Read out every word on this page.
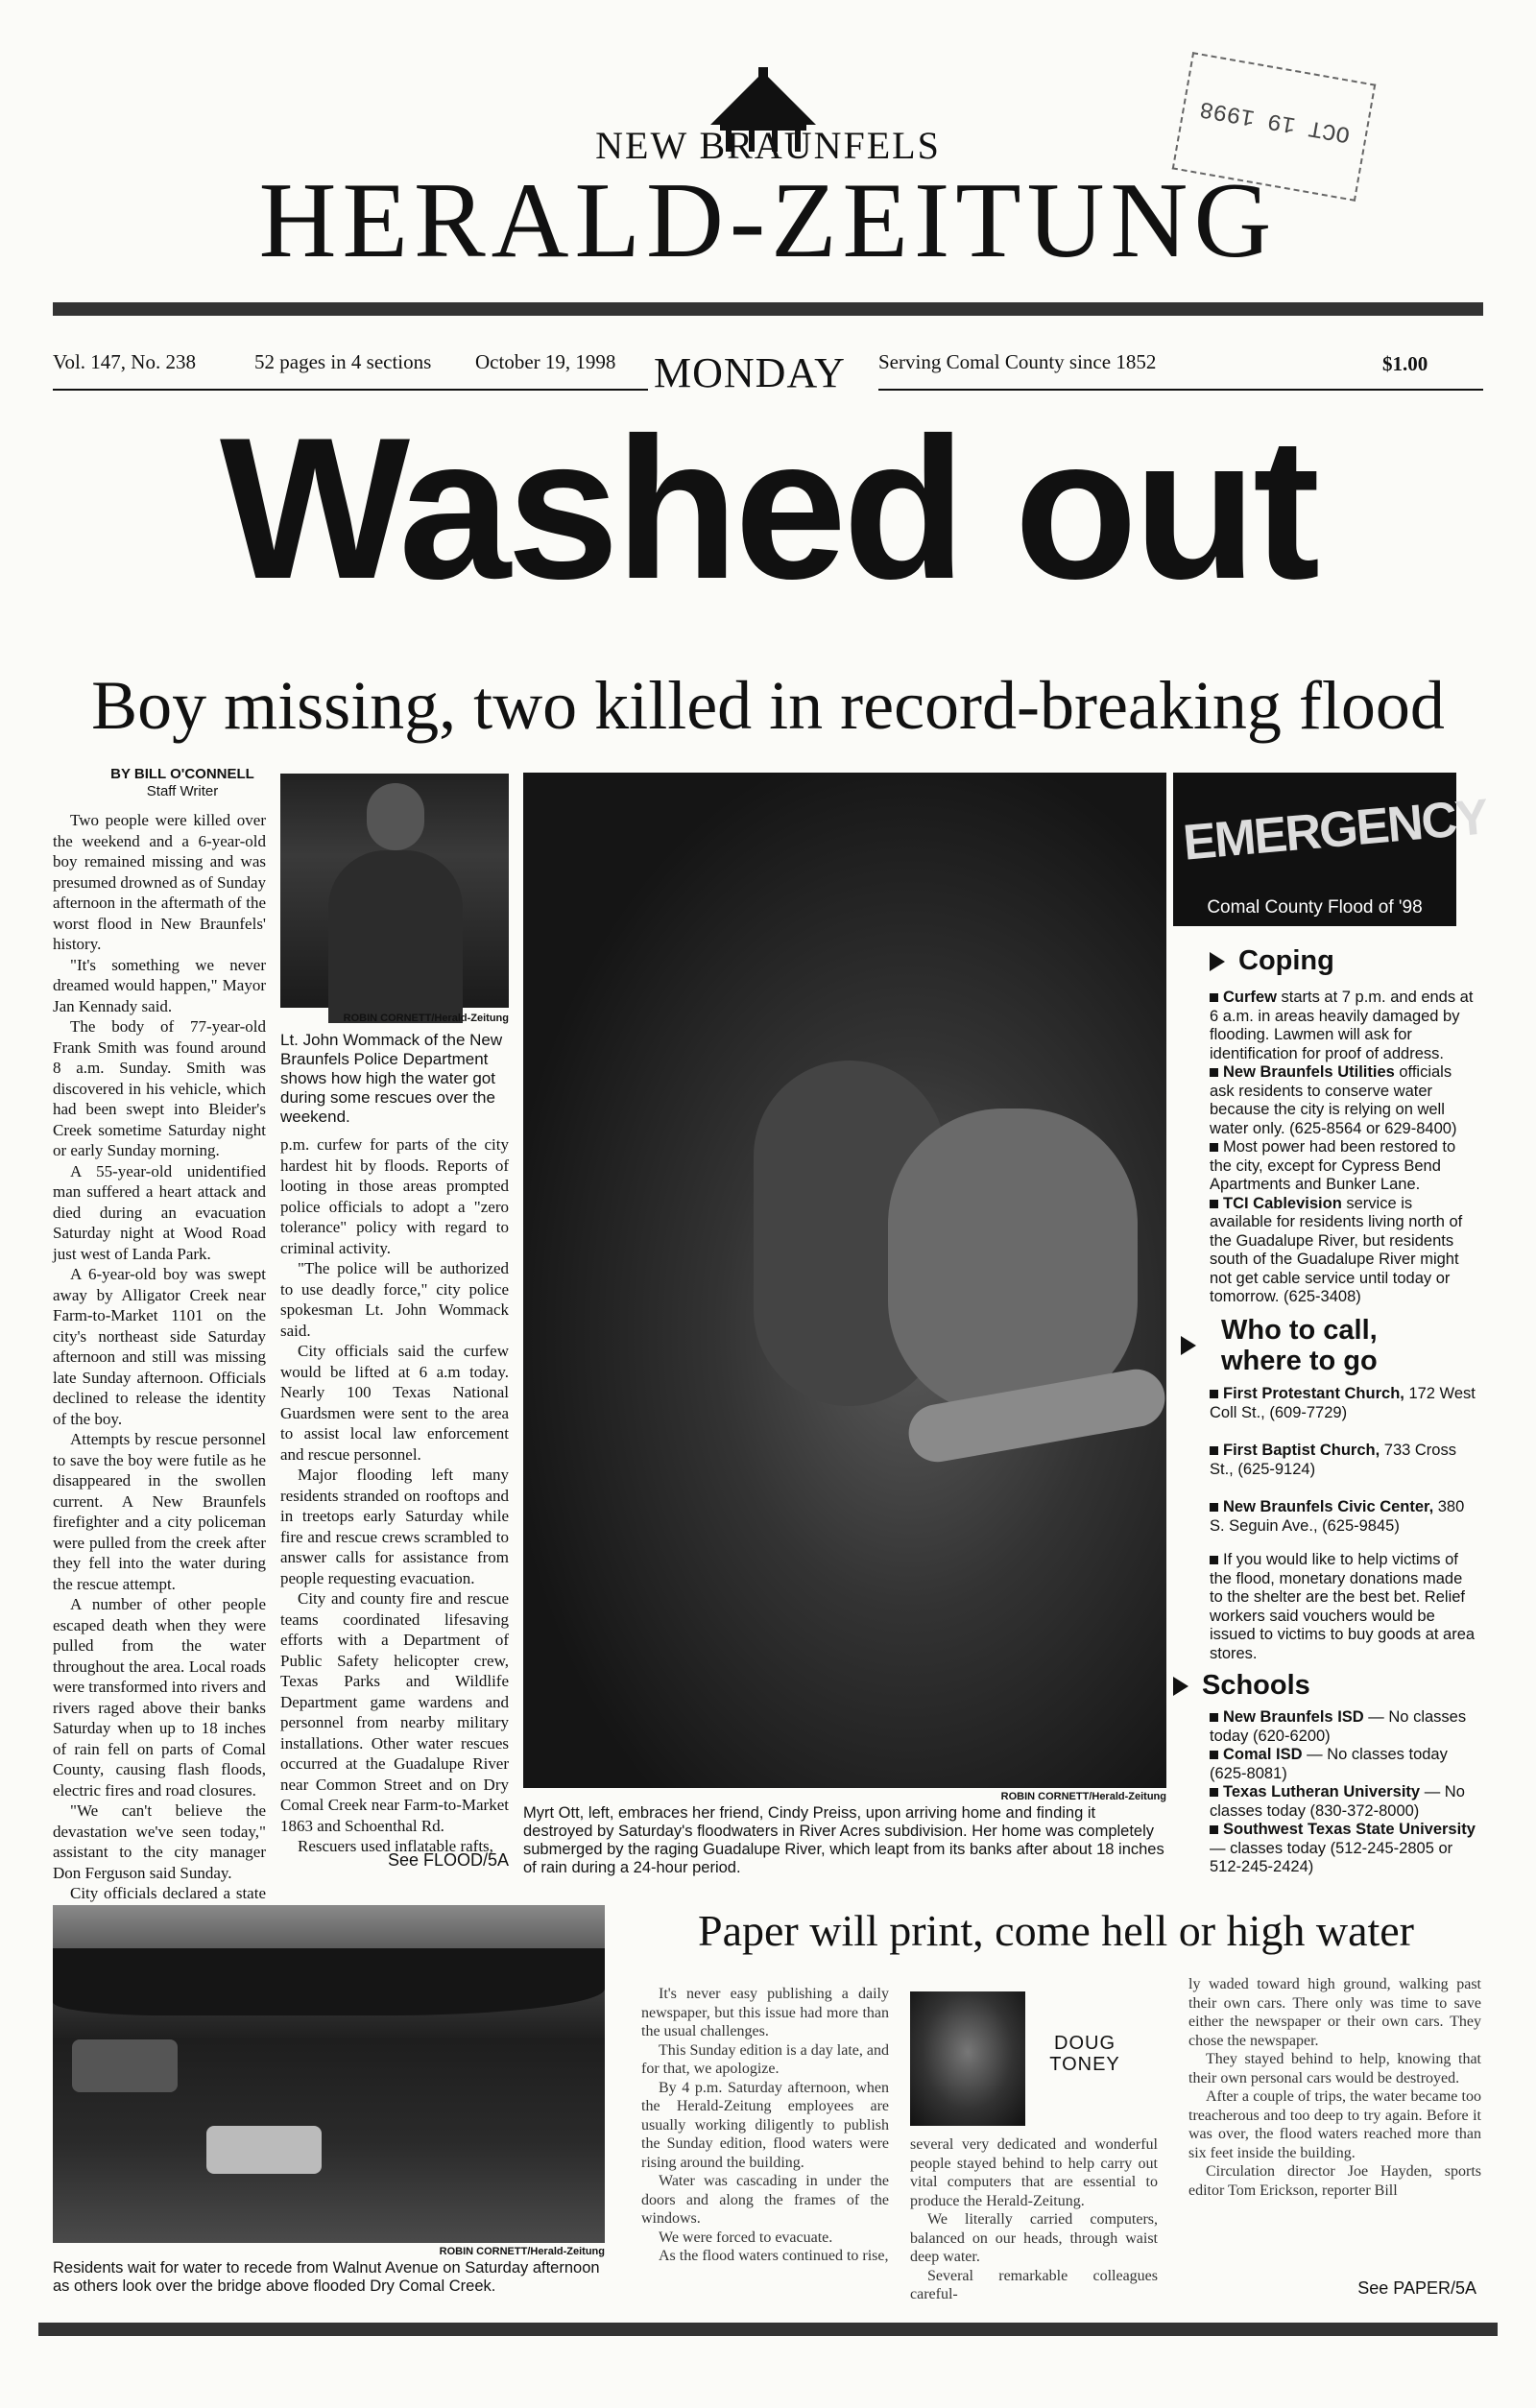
NEW BRAUNFELS
HERALD-ZEITUNG
OCT 19 1998
Vol. 147, No. 238	52 pages in 4 sections October 19, 1998 MONDAY Serving Comal County since 1852	$1.00
Washed out
Boy missing, two killed in record-breaking flood
BY BILL O'CONNELL
Staff Writer

Two people were killed over the weekend and a 6-year-old boy remained missing and was presumed drowned as of Sunday afternoon in the aftermath of the worst flood in New Braunfels' history.

"It's something we never dreamed would happen," Mayor Jan Kennady said.

The body of 77-year-old Frank Smith was found around 8 a.m. Sunday. Smith was discovered in his vehicle, which had been swept into Bleider's Creek sometime Saturday night or early Sunday morning.

A 55-year-old unidentified man suffered a heart attack and died during an evacuation Saturday night at Wood Road just west of Landa Park.

A 6-year-old boy was swept away by Alligator Creek near Farm-to-Market 1101 on the city's northeast side Saturday afternoon and still was missing late Sunday afternoon. Officials declined to release the identity of the boy.

Attempts by rescue personnel to save the boy were futile as he disappeared in the swollen current. A New Braunfels firefighter and a city policeman were pulled from the creek after they fell into the water during the rescue attempt.

A number of other people escaped death when they were pulled from the water throughout the area. Local roads were transformed into rivers and rivers raged above their banks Saturday when up to 18 inches of rain fell on parts of Comal County, causing flash floods, electric fires and road closures.

"We can't believe the devastation we've seen today," assistant to the city manager Don Ferguson said Sunday.

City officials declared a state

ROBIN CORNETT/Herald-Zeitung
Lt. John Wommack of the New Braunfels Police Department shows how high the water got during some rescues over the weekend.

p.m. curfew for parts of the city hardest hit by floods. Reports of looting in those areas prompted police officials to adopt a "zero tolerance" policy with regard to criminal activity.

"The police will be authorized to use deadly force," city police spokesman Lt. John Wommack said.

City officials said the curfew would be lifted at 6 a.m today. Nearly 100 Texas National Guardsmen were sent to the area to assist local law enforcement and rescue personnel.

Major flooding left many residents stranded on rooftops and in treetops early Saturday while fire and rescue crews scrambled to answer calls for assistance from people requesting evacuation.

City and county fire and rescue teams coordinated lifesaving efforts with a Department of Public Safety helicopter crew, Texas Parks and Wildlife Department game wardens and personnel from nearby military installations. Other water rescues occurred at the Guadalupe River near Common Street and on Dry Comal Creek near Farm-to-Market 1863 and Schoenthal Rd.

Rescuers used inflatable rafts,

See FLOOD/5A
ROBIN CORNETT/Herald-Zeitung
Myrt Ott, left, embraces her friend, Cindy Preiss, upon arriving home and finding it destroyed by Saturday's floodwaters in River Acres subdivision. Her home was completely submerged by the raging Guadalupe River, which leapt from its banks after about 18 inches of rain during a 24-hour period.
EMERGENCY
Comal County Flood of '98
Coping

Curfew starts at 7 p.m. and ends at 6 a.m. in areas heavily damaged by flooding. Lawmen will ask for identification for proof of address.

New Braunfels Utilities officials ask residents to conserve water because the city is relying on well water only. (625-8564 or 629-8400)

Most power had been restored to the city, except for Cypress Bend Apartments and Bunker Lane.

TCI Cablevision service is available for residents living north of the Guadalupe River, but residents south of the Guadalupe River might not get cable service until today or tomorrow. (625-3408)

Who to call,
where to go

First Protestant Church, 172 West Coll St., (609-7729)

First Baptist Church, 733 Cross St., (625-9124)

New Braunfels Civic Center, 380 S. Seguin Ave., (625-9845)

If you would like to help victims of the flood, monetary donations made to the shelter are the best bet. Relief workers said vouchers would be issued to victims to buy goods at area stores.

Schools

New Braunfels ISD — No classes today (620-6200)

Comal ISD — No classes today (625-8081)

Texas Lutheran University — No classes today (830-372-8000)

Southwest Texas State University — classes today (512-245-2805 or 512-245-2424)

ROBIN CORNETT/Herald-Zeitung
Residents wait for water to recede from Walnut Avenue on Saturday afternoon as others look over the bridge above flooded Dry Comal Creek.
Paper will print, come hell or high water

It's never easy publishing a daily newspaper, but this issue had more than the usual challenges.

This Sunday edition is a day late, and for that, we apologize.

By 4 p.m. Saturday afternoon, when the Herald-Zeitung employees are usually working diligently to publish the Sunday edition, flood waters were rising around the building.

Water was cascading in under the doors and along the frames of the windows.

We were forced to evacuate.

As the flood waters continued to rise,

DOUG
TONEY

several very dedicated and wonderful people stayed behind to help carry out vital computers that are essential to produce the Herald-Zeitung.

We literally carried computers, balanced on our heads, through waist deep water.

Several remarkable colleagues careful-

ly waded toward high ground, walking past their own cars. There only was time to save either the newspaper or their own cars. They chose the newspaper.

They stayed behind to help, knowing that their own personal cars would be destroyed.

After a couple of trips, the water became too treacherous and too deep to try again. Before it was over, the flood waters reached more than six feet inside the building.

Circulation director Joe Hayden, sports editor Tom Erickson, reporter Bill

See PAPER/5A
